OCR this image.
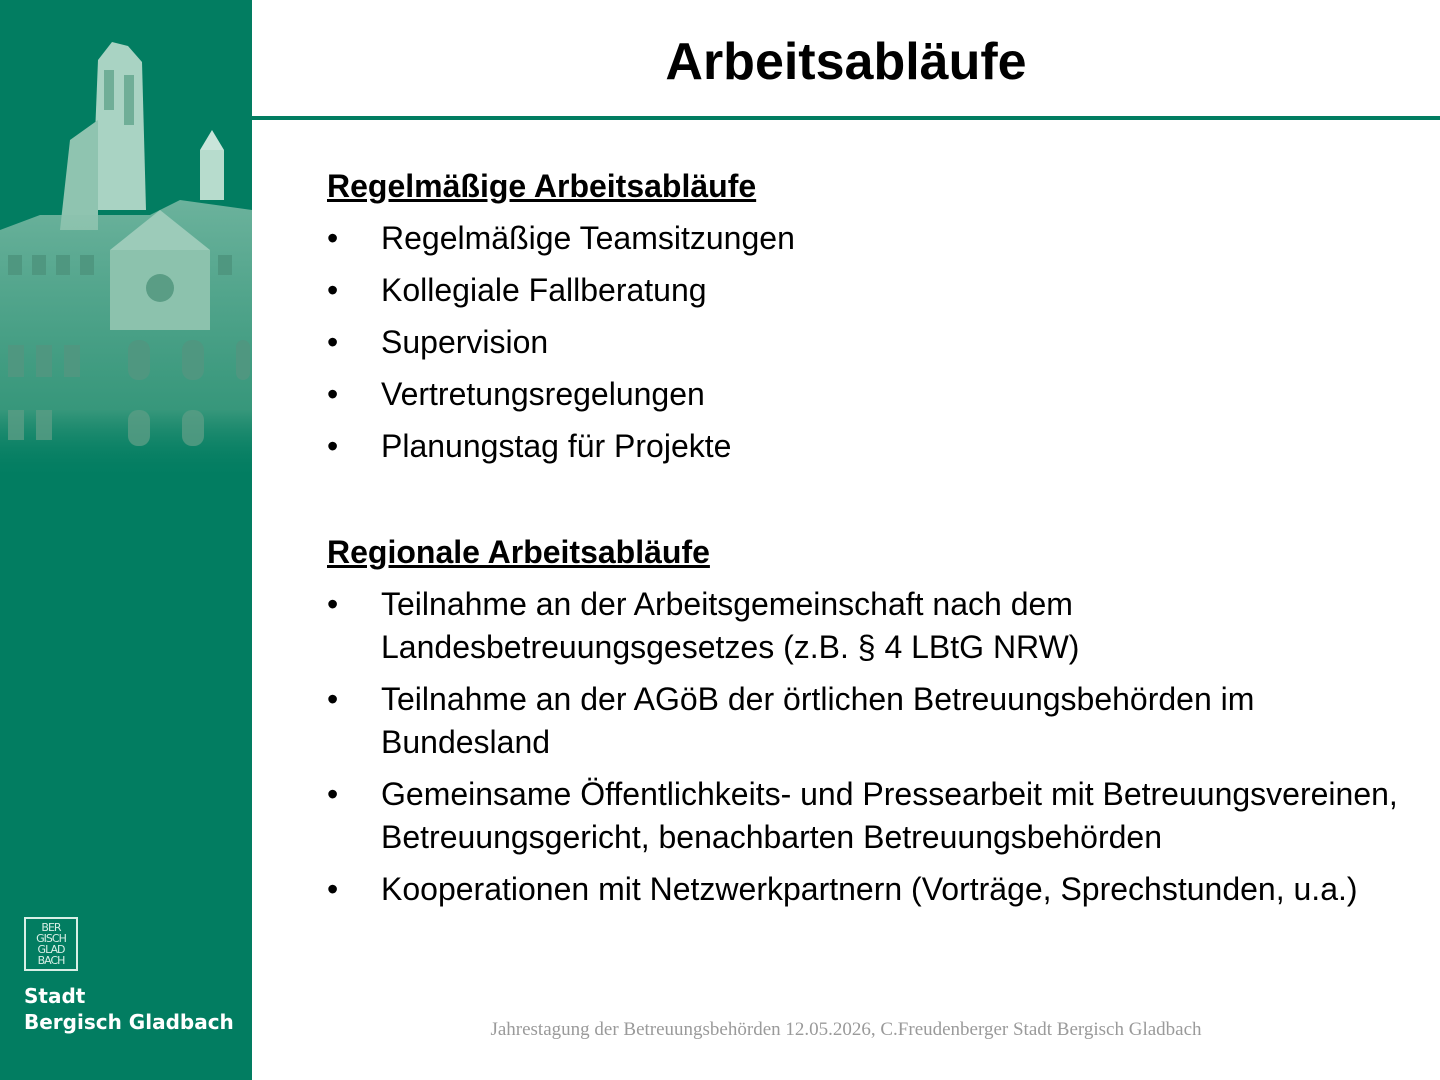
BER
GISCH
GLAD
BACH
Stadt
Bergisch Gladbach
Arbeitsabläufe

Regelmäßige Arbeitsabläufe

• Regelmäßige Teamsitzungen
• Kollegiale Fallberatung
• Supervision
• Vertretungsregelungen
• Planungstag für Projekte

Regionale Arbeitsabläufe

• Teilnahme an der Arbeitsgemeinschaft nach dem Landesbetreuungsgesetzes (z.B. § 4 LBtG NRW)
• Teilnahme an der AGöB der örtlichen Betreuungsbehörden im Bundesland
• Gemeinsame Öffentlichkeits- und Pressearbeit mit Betreuungsvereinen, Betreuungsgericht, benachbarten Betreuungsbehörden
• Kooperationen mit Netzwerkpartnern (Vorträge, Sprechstunden, u.a.)
Jahrestagung der Betreuungsbehörden 12.05.2026, C.Freudenberger Stadt Bergisch Gladbach
